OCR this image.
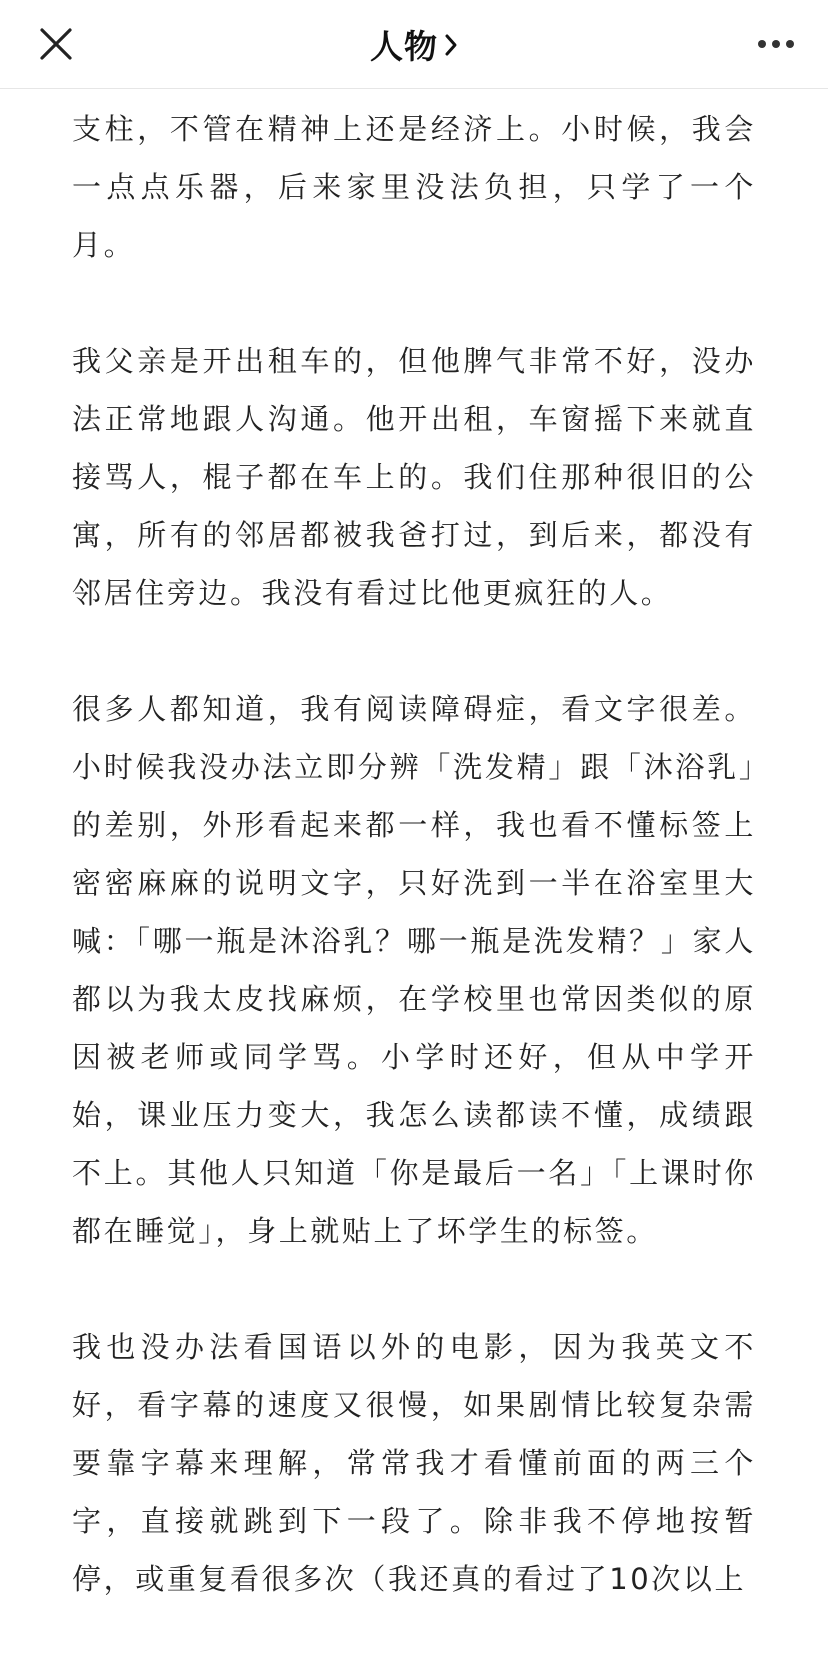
人物

支柱，不管在精神上还是经济上。小时候，我会一点点乐器，后来家里没法负担，只学了一个月。

我父亲是开出租车的，但他脾气非常不好，没办法正常地跟人沟通。他开出租，车窗摇下来就直接骂人，棍子都在车上的。我们住那种很旧的公寓，所有的邻居都被我爸打过，到后来，都没有邻居住旁边。我没有看过比他更疯狂的人。

很多人都知道，我有阅读障碍症，看文字很差。小时候我没办法立即分辨「洗发精」跟「沐浴乳」的差别，外形看起来都一样，我也看不懂标签上密密麻麻的说明文字，只好洗到一半在浴室里大喊：「哪一瓶是沐浴乳？哪一瓶是洗发精？」家人都以为我太皮找麻烦，在学校里也常因类似的原因被老师或同学骂。小学时还好，但从中学开始，课业压力变大，我怎么读都读不懂，成绩跟不上。其他人只知道「你是最后一名」「上课时你都在睡觉」，身上就贴上了坏学生的标签。

我也没办法看国语以外的电影，因为我英文不好，看字幕的速度又很慢，如果剧情比较复杂需要靠字幕来理解，常常我才看懂前面的两三个字，直接就跳到下一段了。除非我不停地按暂停，或重复看很多次（我还真的看过了10次以上
